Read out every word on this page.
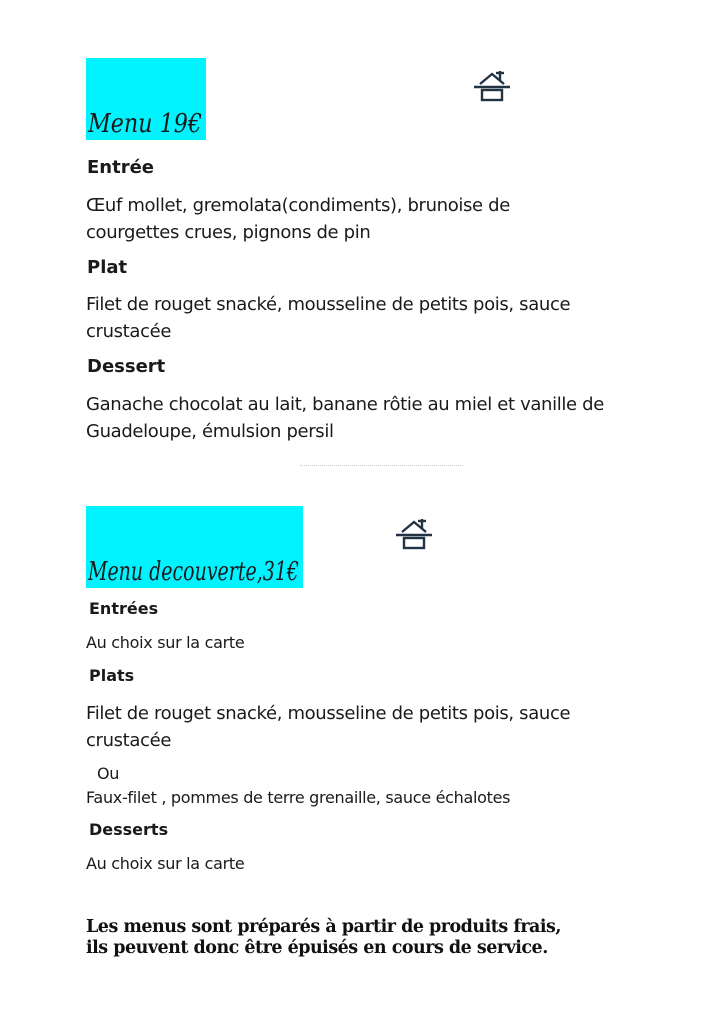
Menu 19€
Entrée
Œuf mollet, gremolata(condiments), brunoise de
courgettes crues, pignons de pin
Plat
Filet de rouget snacké, mousseline de petits pois, sauce
crustacée
Dessert
Ganache chocolat au lait, banane rôtie au miel et vanille de
Guadeloupe, émulsion persil
Menu decouverte,31€
Entrées
Au choix sur la carte
Plats
Filet de rouget snacké, mousseline de petits pois, sauce
crustacée
Ou
Faux-filet , pommes de terre grenaille, sauce échalotes
Desserts
Au choix sur la carte

Les menus sont préparés à partir de produits frais,
ils peuvent donc être épuisés en cours de service.
